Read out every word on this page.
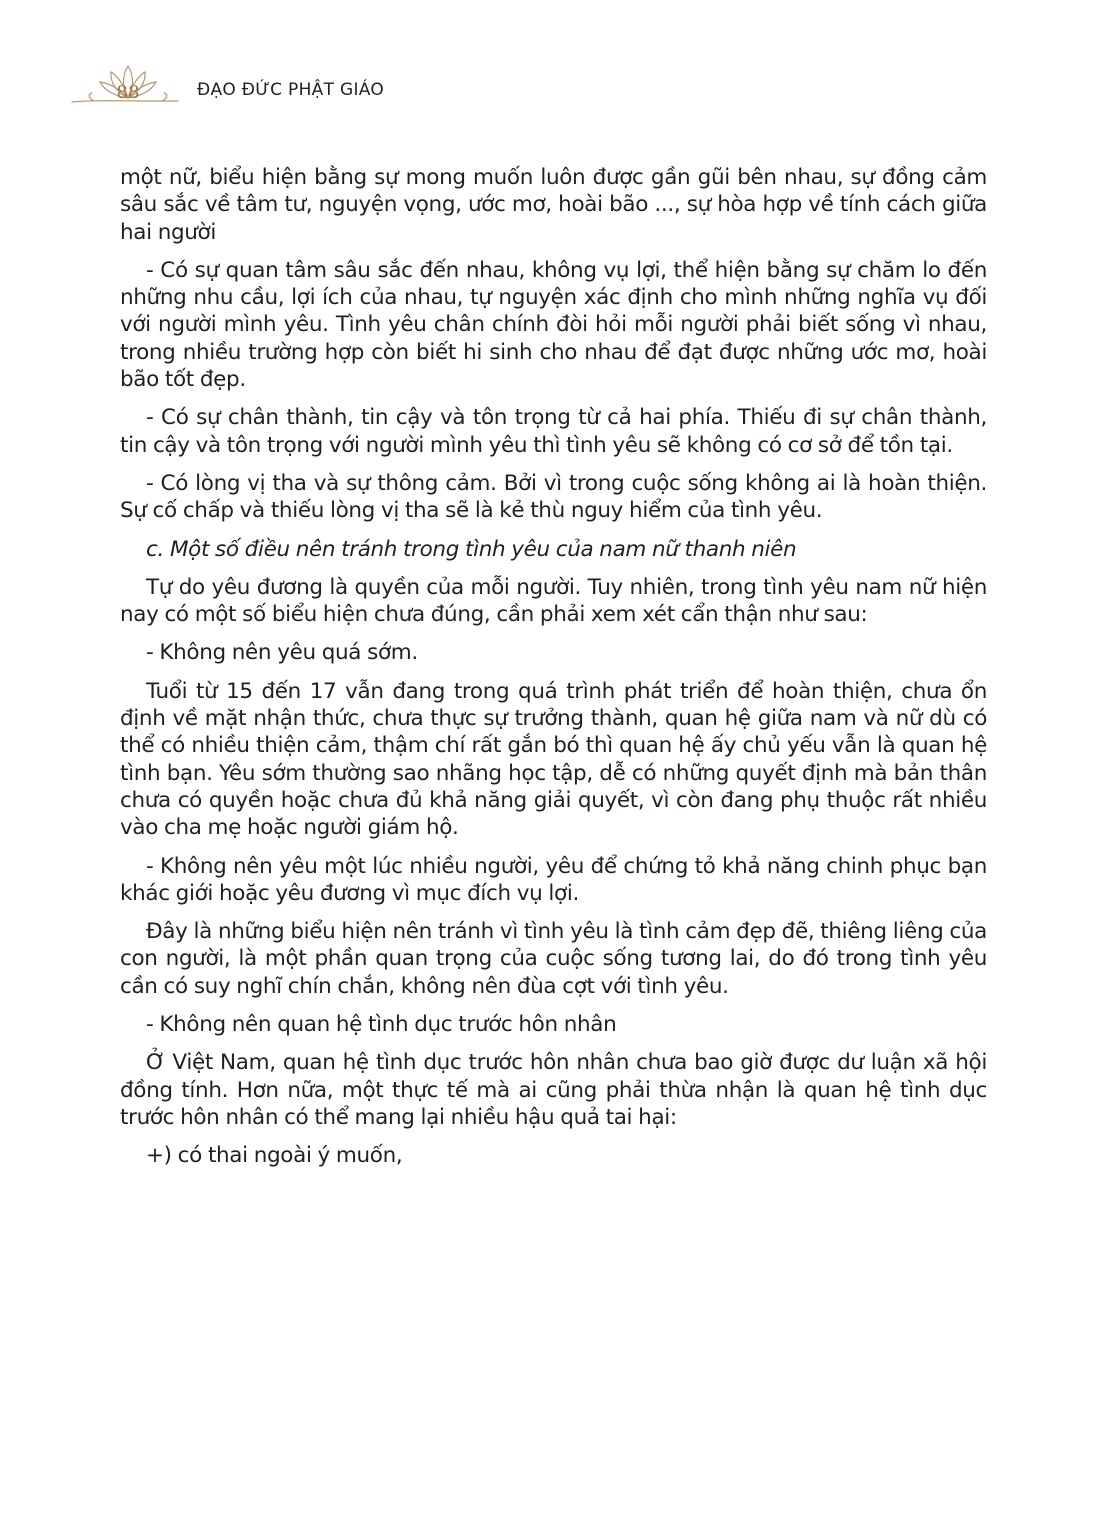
88	ĐẠO ĐỨC PHẬT GIÁO

một nữ, biểu hiện bằng sự mong muốn luôn được gần gũi bên nhau, sự đồng cảm sâu sắc về tâm tư, nguyện vọng, ước mơ, hoài bão ..., sự hòa hợp về tính cách giữa hai người

- Có sự quan tâm sâu sắc đến nhau, không vụ lợi, thể hiện bằng sự chăm lo đến những nhu cầu, lợi ích của nhau, tự nguyện xác định cho mình những nghĩa vụ đối với người mình yêu. Tình yêu chân chính đòi hỏi mỗi người phải biết sống vì nhau, trong nhiều trường hợp còn biết hi sinh cho nhau để đạt được những ước mơ, hoài bão tốt đẹp.

- Có sự chân thành, tin cậy và tôn trọng từ cả hai phía. Thiếu đi sự chân thành, tin cậy và tôn trọng với người mình yêu thì tình yêu sẽ không có cơ sở để tồn tại.

- Có lòng vị tha và sự thông cảm. Bởi vì trong cuộc sống không ai là hoàn thiện. Sự cố chấp và thiếu lòng vị tha sẽ là kẻ thù nguy hiểm của tình yêu.

c. Một số điều nên tránh trong tình yêu của nam nữ thanh niên

Tự do yêu đương là quyền của mỗi người. Tuy nhiên, trong tình yêu nam nữ hiện nay có một số biểu hiện chưa đúng, cần phải xem xét cẩn thận như sau:

- Không nên yêu quá sớm.

Tuổi từ 15 đến 17 vẫn đang trong quá trình phát triển để hoàn thiện, chưa ổn định về mặt nhận thức, chưa thực sự trưởng thành, quan hệ giữa nam và nữ dù có thể có nhiều thiện cảm, thậm chí rất gắn bó thì quan hệ ấy chủ yếu vẫn là quan hệ tình bạn. Yêu sớm thường sao nhãng học tập, dễ có những quyết định mà bản thân chưa có quyền hoặc chưa đủ khả năng giải quyết, vì còn đang phụ thuộc rất nhiều vào cha mẹ hoặc người giám hộ.

- Không nên yêu một lúc nhiều người, yêu để chứng tỏ khả năng chinh phục bạn khác giới hoặc yêu đương vì mục đích vụ lợi.

Đây là những biểu hiện nên tránh vì tình yêu là tình cảm đẹp đẽ, thiêng liêng của con người, là một phần quan trọng của cuộc sống tương lai, do đó trong tình yêu cần có suy nghĩ chín chắn, không nên đùa cợt với tình yêu.

- Không nên quan hệ tình dục trước hôn nhân

Ở Việt Nam, quan hệ tình dục trước hôn nhân chưa bao giờ được dư luận xã hội đồng tính. Hơn nữa, một thực tế mà ai cũng phải thừa nhận là quan hệ tình dục trước hôn nhân có thể mang lại nhiều hậu quả tai hại:

+) có thai ngoài ý muốn,
